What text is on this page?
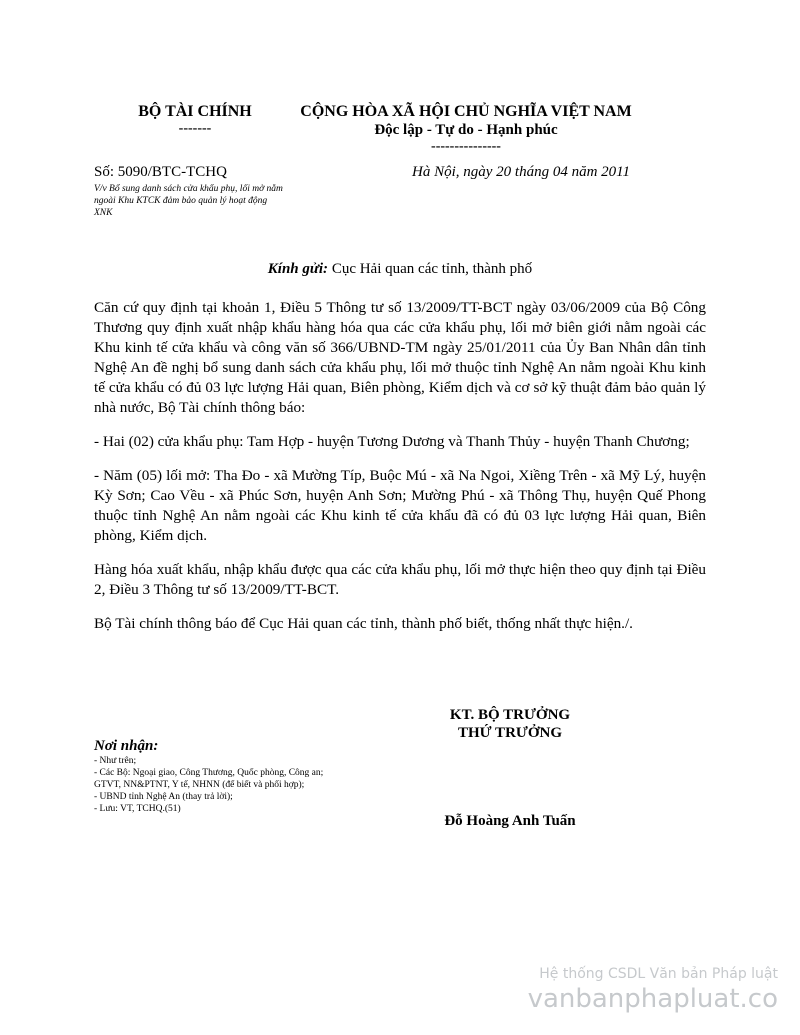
BỘ TÀI CHÍNH
-------
CỘNG HÒA XÃ HỘI CHỦ NGHĨA VIỆT NAM
Độc lập - Tự do - Hạnh phúc
---------------
Số: 5090/BTC-TCHQ
V/v Bổ sung danh sách cửa khẩu phụ, lối mở nằm ngoài Khu KTCK đảm bảo quản lý hoạt động XNK
Hà Nội, ngày 20 tháng 04 năm 2011
Kính gửi: Cục Hải quan các tỉnh, thành phố

Căn cứ quy định tại khoản 1, Điều 5 Thông tư số 13/2009/TT-BCT ngày 03/06/2009 của Bộ Công Thương quy định xuất nhập khẩu hàng hóa qua các cửa khẩu phụ, lối mở biên giới nằm ngoài các Khu kinh tế cửa khẩu và công văn số 366/UBND-TM ngày 25/01/2011 của Ủy Ban Nhân dân tỉnh Nghệ An đề nghị bổ sung danh sách cửa khẩu phụ, lối mở thuộc tỉnh Nghệ An nằm ngoài Khu kinh tế cửa khẩu có đủ 03 lực lượng Hải quan, Biên phòng, Kiểm dịch và cơ sở kỹ thuật đảm bảo quản lý nhà nước, Bộ Tài chính thông báo:

- Hai (02) cửa khẩu phụ: Tam Hợp - huyện Tương Dương và Thanh Thủy - huyện Thanh Chương;

- Năm (05) lối mở: Tha Đo - xã Mường Típ, Buộc Mú - xã Na Ngoi, Xiềng Trên - xã Mỹ Lý, huyện Kỳ Sơn; Cao Vều - xã Phúc Sơn, huyện Anh Sơn; Mường Phú - xã Thông Thụ, huyện Quế Phong thuộc tỉnh Nghệ An nằm ngoài các Khu kinh tế cửa khẩu đã có đủ 03 lực lượng Hải quan, Biên phòng, Kiểm dịch.

Hàng hóa xuất khẩu, nhập khẩu được qua các cửa khẩu phụ, lối mở thực hiện theo quy định tại Điều 2, Điều 3 Thông tư số 13/2009/TT-BCT.

Bộ Tài chính thông báo để Cục Hải quan các tỉnh, thành phố biết, thống nhất thực hiện./.

KT. BỘ TRƯỞNG
THỨ TRƯỞNG
Đỗ Hoàng Anh Tuấn
Nơi nhận:
- Như trên;
- Các Bộ: Ngoại giao, Công Thương, Quốc phòng, Công an;
GTVT, NN&PTNT, Y tế, NHNN (để biết và phối hợp);
- UBND tỉnh Nghệ An (thay trả lời);
- Lưu: VT, TCHQ.(51)
Hệ thống CSDL Văn bản Pháp luật
vanbanphapluat.co
